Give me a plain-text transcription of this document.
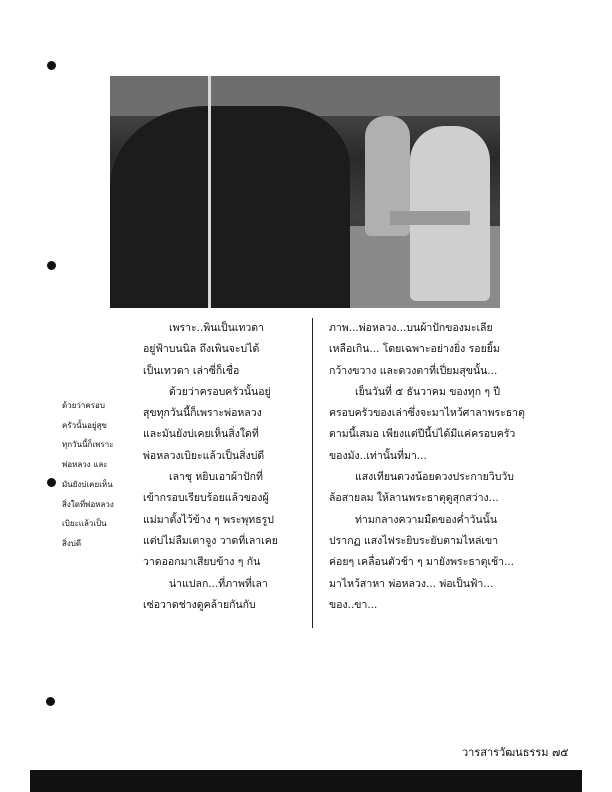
ด้วยว่าครอบ

ครัวนั้นอยู่สุข

ทุกวันนี้ก็เพราะ

พ่อหลวง และ

มันยังบ่เคยเห็น

สิ่งใดที่พ่อหลวง

เบิยะแล้วเป็น

สิ่งบ่ดี

เพราะ..พินเป็นเทวดา

อยู่ฟ้าบนนิล ถึงเพินจะบ่ได้

เป็นเทวดา เล่าซี่ก็เชื่อ

ด้วยว่าครอบครัวนั้นอยู่

สุขทุกวันนี้ก็เพราะพ่อหลวง

และมันยังบ่เคยเห็นสิ่งใดที่

พ่อหลวงเบิยะแล้วเป็นสิ่งบ่ดี

เลาชุ หยิบเอาผ้าปักที่

เข้ากรอบเรียบร้อยแล้วของผู้

แม่มาตั้งไว้ข้าง ๆ พระพุทธรูป

แต่บ่ไม่ลืมเตาจูง วาดที่เลาเคย

วาดออกมาเสียบข้าง ๆ กัน

น่าแปลก...ที่ภาพที่เลา

เซ่อวาดช่างดูคล้ายกันกับ

ภาพ...พ่อหลวง...บนผ้าปักของมะเลีย

เหลือเกิน... โดยเฉพาะอย่างยิ่ง รอยยิ้ม

กว้างขวาง และดวงตาที่เปี่ยมสุขนั้น...

เย็นวันที่ ๕ ธันวาคม ของทุก ๆ ปี

ครอบครัวของเล่าซึ่งจะมาไหว้ศาลาพระธาตุ

ตามนี้เสมอ เพียงแต่ปีนี้บ่ได้มีแค่ครอบครัว

ของมัง..เท่านั้นที่มา...

แสงเทียนดวงน้อยดวงประกายวิบวับ

ล้อสายลม ให้ลานพระธาตุดูสุกสว่าง...

ท่ามกลางความมืดของค่ำวันนั้น

ปรากฏ แสงไฟระยิบระยับตามไหล่เขา

ค่อยๆ เคลื่อนตัวช้า ๆ มายังพระธาตุเช้า...

มาไหว้สาหา พ่อหลวง... พ่อเป็นฟ้า...

ของ..ขา...

วารสารวัฒนธรรม ๗๕
